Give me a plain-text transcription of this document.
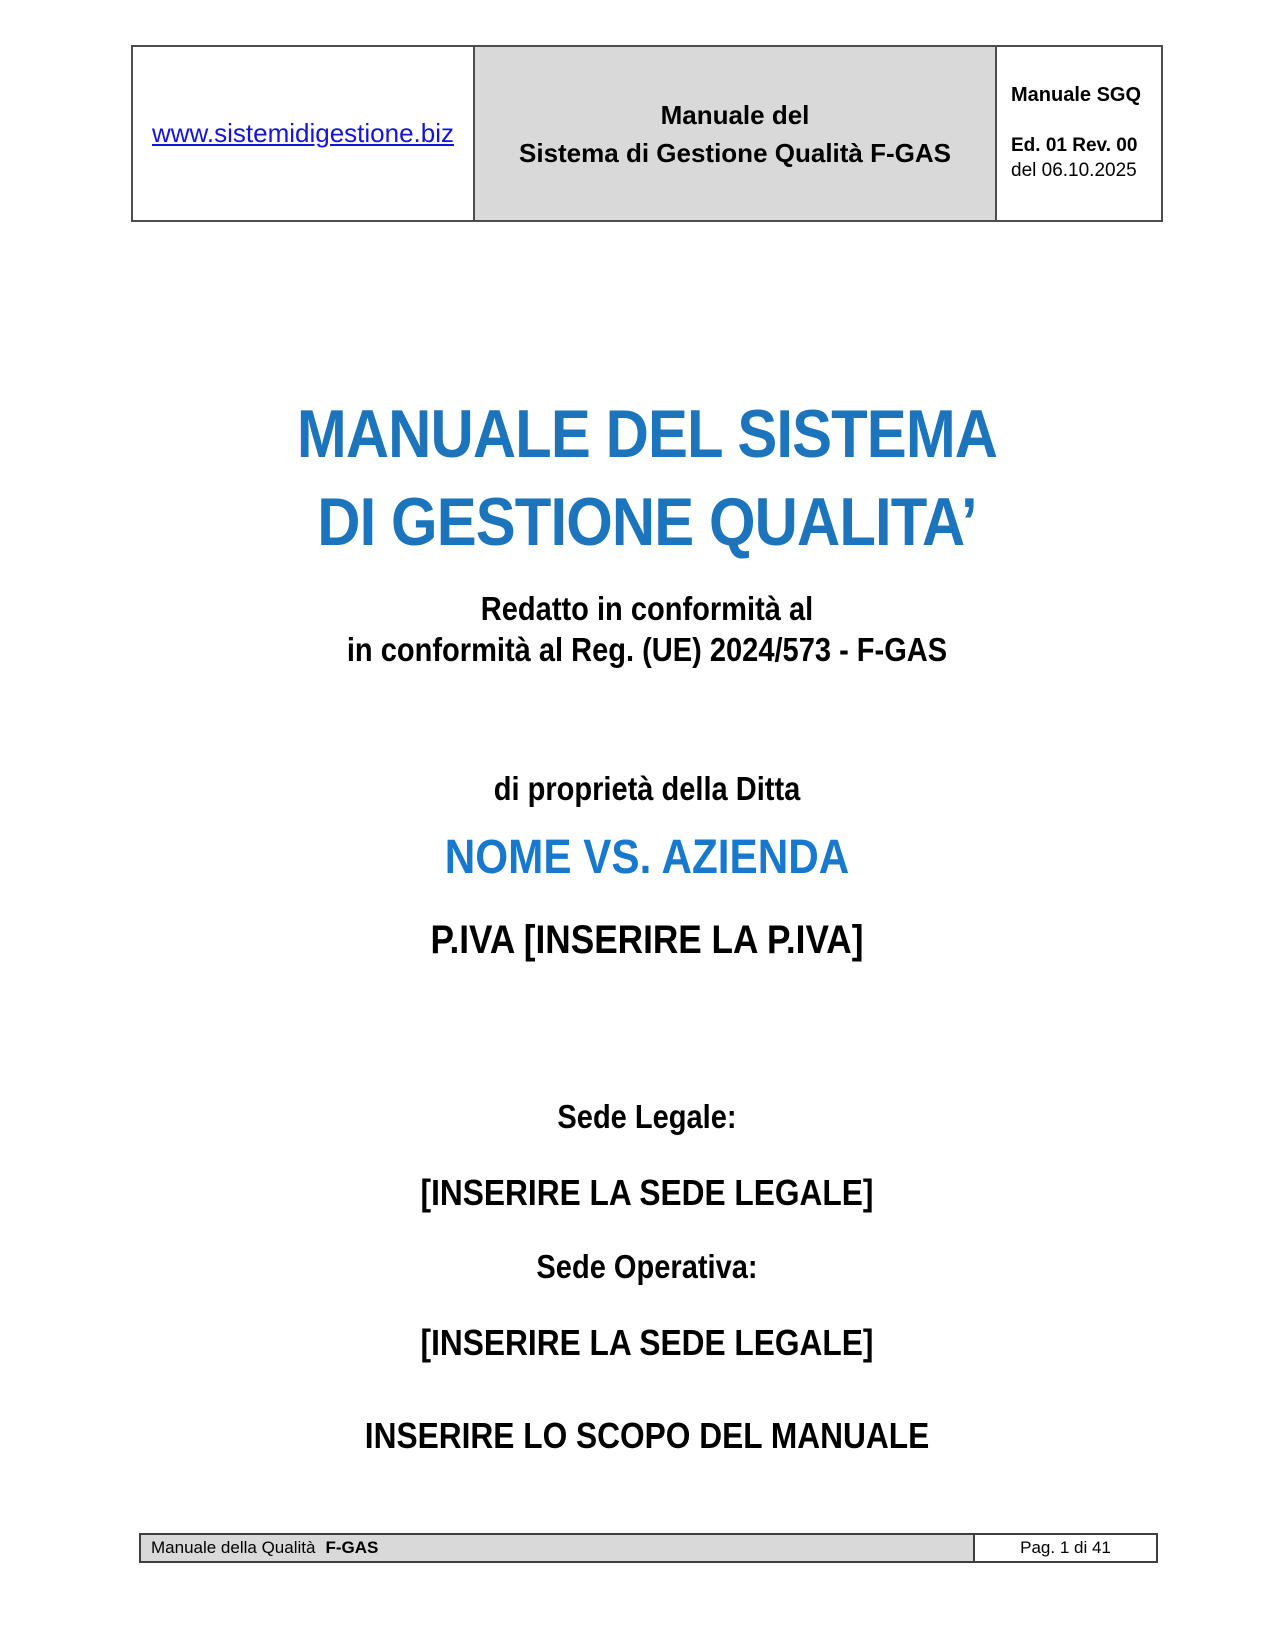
www.sistemidigestione.biz
Manuale del
Sistema di Gestione Qualità F-GAS
Manuale SGQ
Ed. 01 Rev. 00
del 06.10.2025
MANUALE DEL SISTEMA
DI GESTIONE QUALITA’
Redatto in conformità al
in conformità al Reg. (UE) 2024/573 - F-GAS
di proprietà della Ditta
NOME VS. AZIENDA
P.IVA [INSERIRE LA P.IVA]
Sede Legale:
[INSERIRE LA SEDE LEGALE]
Sede Operativa:
[INSERIRE LA SEDE LEGALE]
INSERIRE LO SCOPO DEL MANUALE
Manuale della Qualità F-GAS	Pag. 1 di 41
